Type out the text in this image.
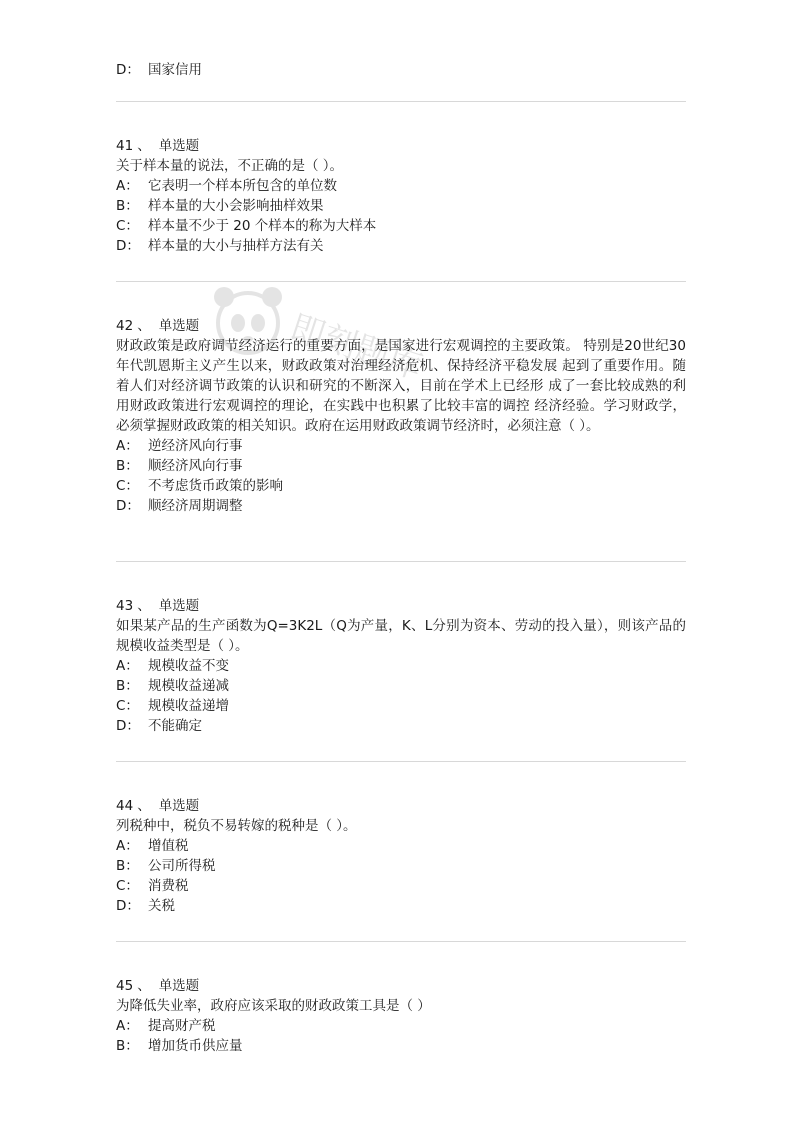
即刻题库
D： 国家信用
41 、 单选题
关于样本量的说法，不正确的是（ ）。
A： 它表明一个样本所包含的单位数
B： 样本量的大小会影响抽样效果
C： 样本量不少于 20 个样本的称为大样本
D： 样本量的大小与抽样方法有关
42 、 单选题
财政政策是政府调节经济运行的重要方面，是国家进行宏观调控的主要政策。 特别是20世纪30年代凯恩斯主义产生以来，财政政策对治理经济危机、保持经济平稳发展 起到了重要作用。随着人们对经济调节政策的认识和研究的不断深入，目前在学术上已经形 成了一套比较成熟的利用财政政策进行宏观调控的理论，在实践中也积累了比较丰富的调控 经济经验。学习财政学，必须掌握财政政策的相关知识。政府在运用财政政策调节经济时，必须注意（ ）。
A： 逆经济风向行事
B： 顺经济风向行事
C： 不考虑货币政策的影响
D： 顺经济周期调整
43 、 单选题
如果某产品的生产函数为Q=3K2L（Q为产量，K、L分别为资本、劳动的投入量），则该产品的规模收益类型是（ ）。
A： 规模收益不变
B： 规模收益递减
C： 规模收益递增
D： 不能确定
44 、 单选题
列税种中，税负不易转嫁的税种是（ ）。
A： 增值税
B： 公司所得税
C： 消费税
D： 关税
45 、 单选题
为降低失业率，政府应该采取的财政政策工具是（ ）
A： 提高财产税
B： 增加货币供应量
